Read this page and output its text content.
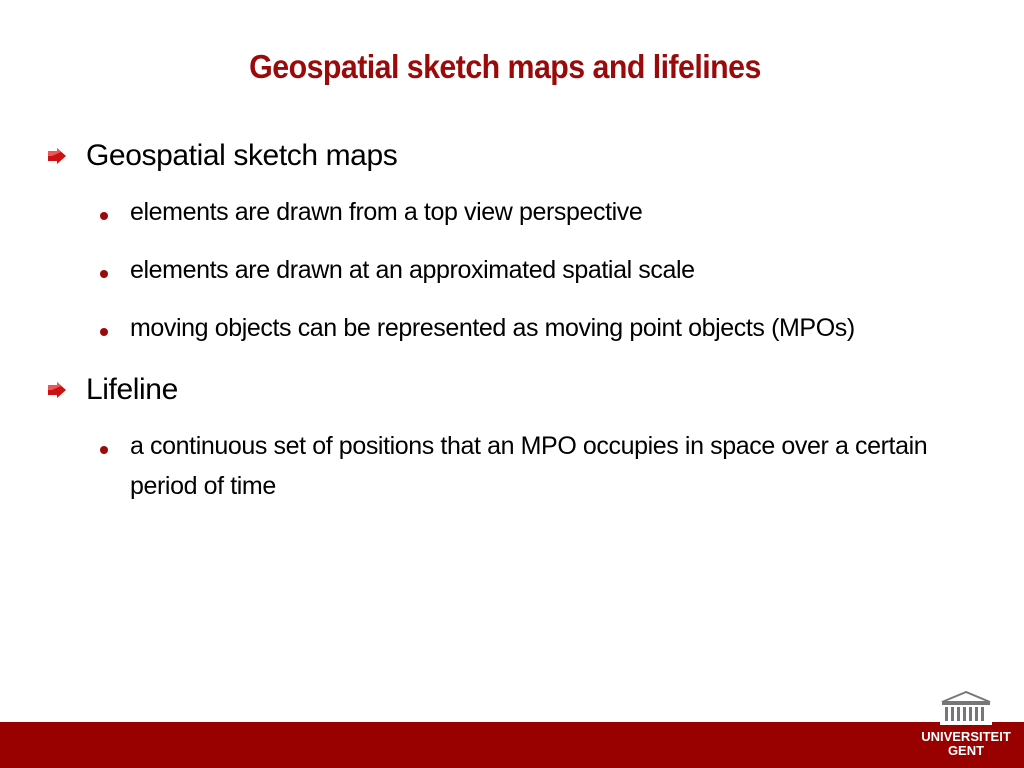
Geospatial sketch maps and lifelines
Geospatial sketch maps
elements are drawn from a top view perspective
elements are drawn at an approximated spatial scale
moving objects can be represented as moving point objects (MPOs)
Lifeline
a continuous set of positions that an MPO occupies in space over a certain period of time
UNIVERSITEIT
GENT
